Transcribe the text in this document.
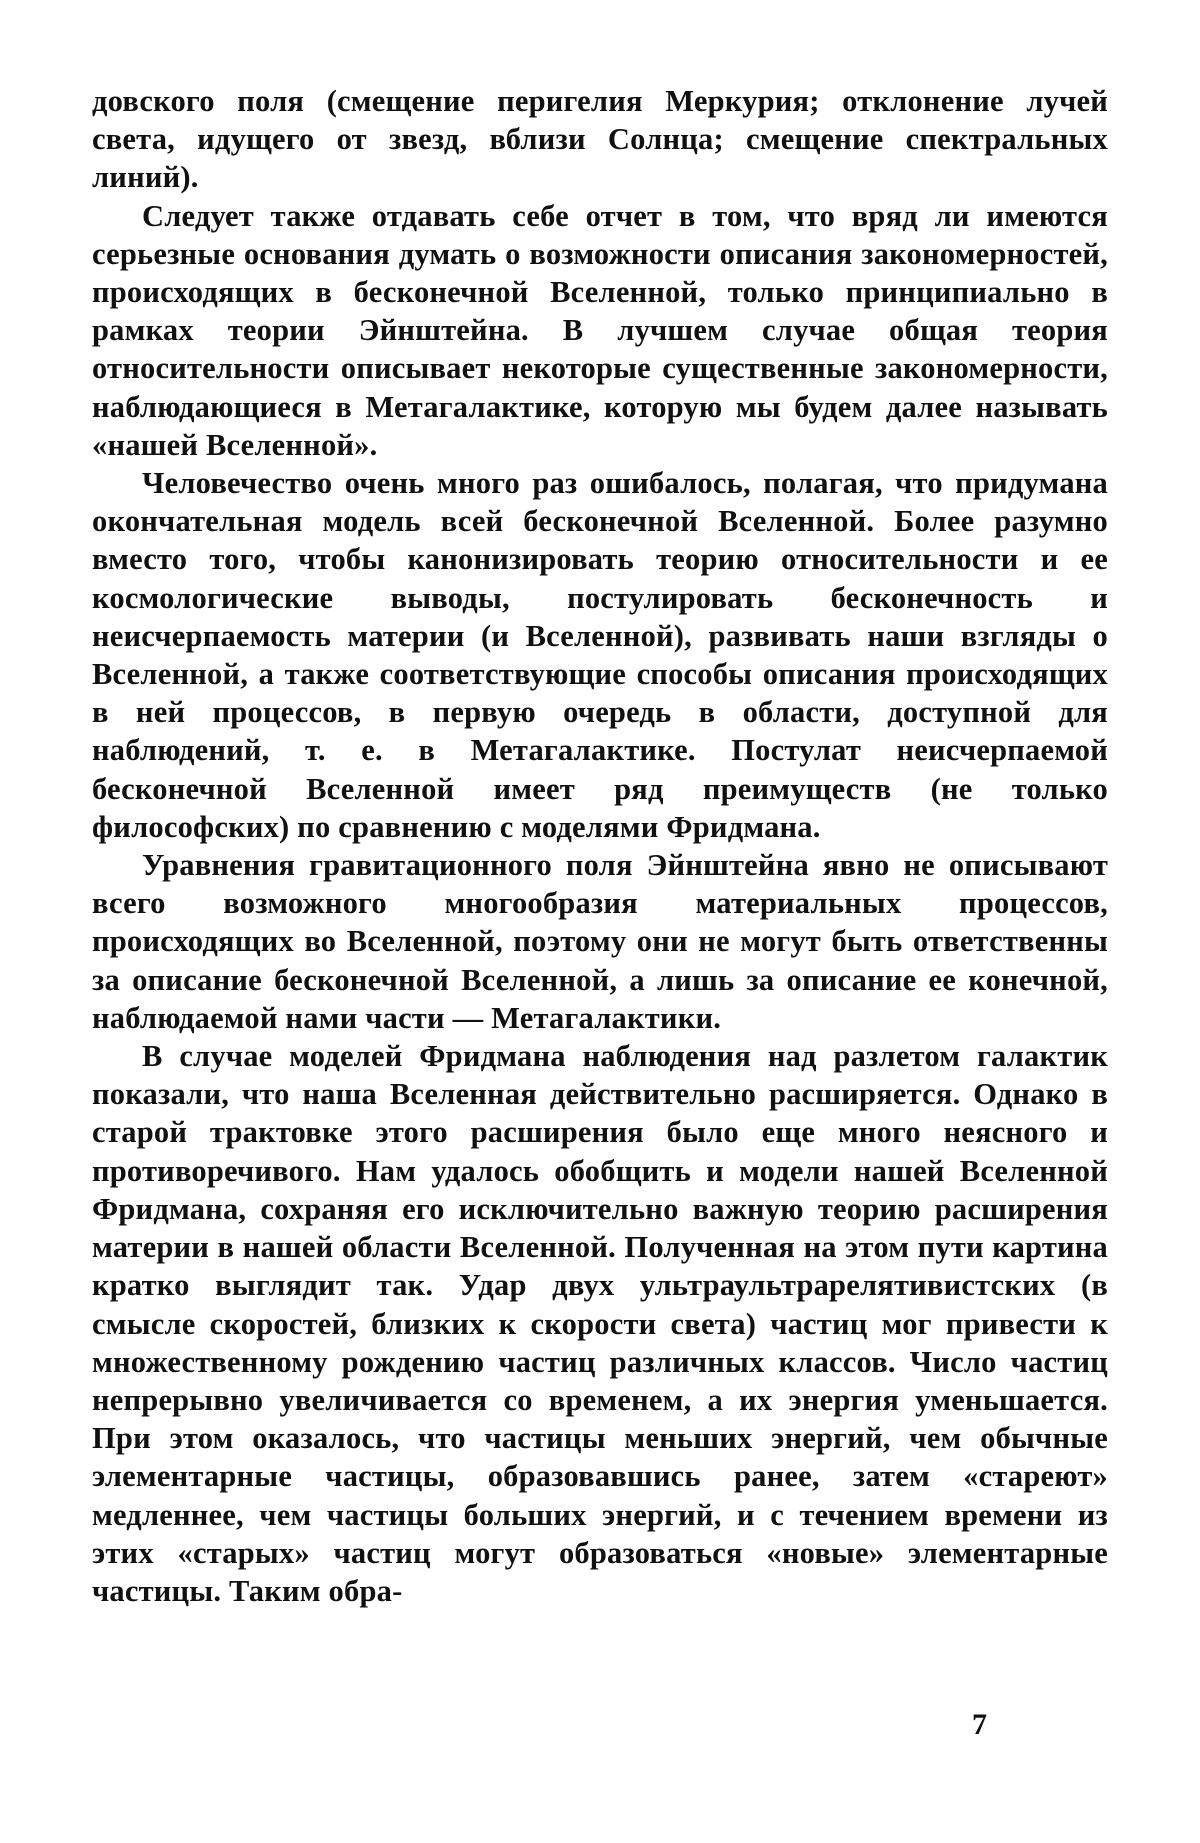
довского поля (смещение перигелия Меркурия; отклонение лучей света, идущего от звезд, вблизи Солнца; смещение спектральных линий).

Следует также отдавать себе отчет в том, что вряд ли имеются серьезные основания думать о возможности описания закономерностей, происходящих в бесконечной Вселенной, только принципиально в рамках теории Эйнштейна. В лучшем случае общая теория относительности описывает некоторые существенные закономерности, наблюдающиеся в Метагалактике, которую мы будем далее называть «нашей Вселенной».

Человечество очень много раз ошибалось, полагая, что придумана окончательная модель всей бесконечной Вселенной. Более разумно вместо того, чтобы канонизировать теорию относительности и ее космологические выводы, постулировать бесконечность и неисчерпаемость материи (и Вселенной), развивать наши взгляды о Вселенной, а также соответствующие способы описания происходящих в ней процессов, в первую очередь в области, доступной для наблюдений, т. е. в Метагалактике. Постулат неисчерпаемой бесконечной Вселенной имеет ряд преимуществ (не только философских) по сравнению с моделями Фридмана.

Уравнения гравитационного поля Эйнштейна явно не описывают всего возможного многообразия материальных процессов, происходящих во Вселенной, поэтому они не могут быть ответственны за описание бесконечной Вселенной, а лишь за описание ее конечной, наблюдаемой нами части — Метагалактики.

В случае моделей Фридмана наблюдения над разлетом галактик показали, что наша Вселенная действительно расширяется. Однако в старой трактовке этого расширения было еще много неясного и противоречивого. Нам удалось обобщить и модели нашей Вселенной Фридмана, сохраняя его исключительно важную теорию расширения материи в нашей области Вселенной. Полученная на этом пути картина кратко выглядит так. Удар двух ультраультрарелятивистских (в смысле скоростей, близких к скорости света) частиц мог привести к множественному рождению частиц различных классов. Число частиц непрерывно увеличивается со временем, а их энергия уменьшается. При этом оказалось, что частицы меньших энергий, чем обычные элементарные частицы, образовавшись ранее, затем «стареют» медленнее, чем частицы больших энергий, и с течением времени из этих «старых» частиц могут образоваться «новые» элементарные частицы. Таким обра-

7
